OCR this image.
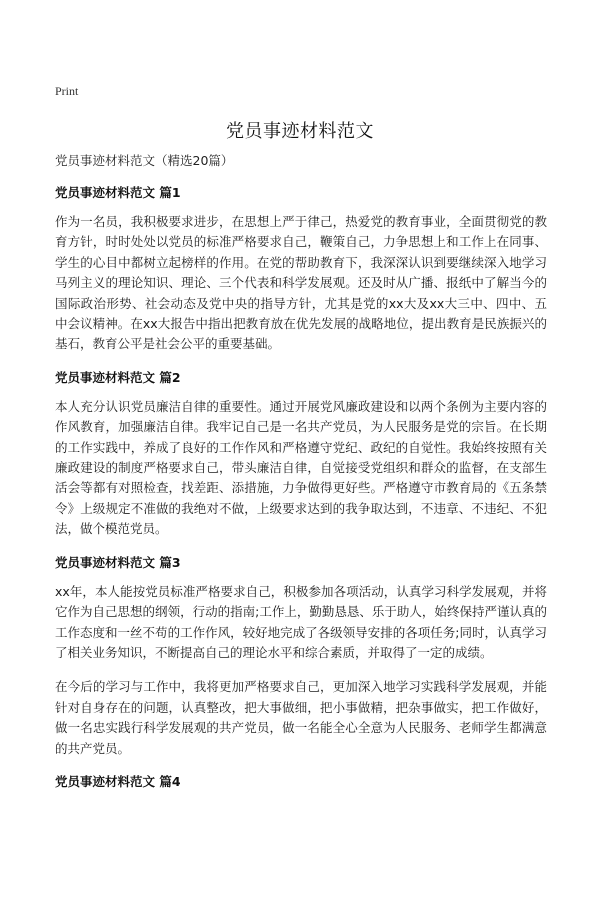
Print
党员事迹材料范文

党员事迹材料范文（精选20篇）

党员事迹材料范文 篇1

作为一名员，我积极要求进步，在思想上严于律己，热爱党的教育事业，全面贯彻党的教育方针，时时处处以党员的标准严格要求自己，鞭策自己，力争思想上和工作上在同事、学生的心目中都树立起榜样的作用。在党的帮助教育下，我深深认识到要继续深入地学习马列主义的理论知识、理论、三个代表和科学发展观。还及时从广播、报纸中了解当今的国际政治形势、社会动态及党中央的指导方针，尤其是党的xx大及xx大三中、四中、五中会议精神。在xx大报告中指出把教育放在优先发展的战略地位，提出教育是民族振兴的基石，教育公平是社会公平的重要基础。

党员事迹材料范文 篇2

本人充分认识党员廉洁自律的重要性。通过开展党风廉政建设和以两个条例为主要内容的作风教育，加强廉洁自律。我牢记自己是一名共产党员，为人民服务是党的宗旨。在长期的工作实践中，养成了良好的工作作风和严格遵守党纪、政纪的自觉性。我始终按照有关廉政建设的制度严格要求自己，带头廉洁自律，自觉接受党组织和群众的监督，在支部生活会等都有对照检查，找差距、添措施，力争做得更好些。严格遵守市教育局的《五条禁令》上级规定不准做的我绝对不做，上级要求达到的我争取达到，不违章、不违纪、不犯法，做个模范党员。

党员事迹材料范文 篇3

xx年，本人能按党员标准严格要求自己，积极参加各项活动，认真学习科学发展观，并将它作为自己思想的纲领，行动的指南;工作上，勤勤恳恳、乐于助人，始终保持严谨认真的工作态度和一丝不苟的工作作风，较好地完成了各级领导安排的各项任务;同时，认真学习了相关业务知识，不断提高自己的理论水平和综合素质，并取得了一定的成绩。

在今后的学习与工作中，我将更加严格要求自己，更加深入地学习实践科学发展观，并能针对自身存在的问题，认真整改，把大事做细，把小事做精，把杂事做实，把工作做好，做一名忠实践行科学发展观的共产党员，做一名能全心全意为人民服务、老师学生都满意的共产党员。

党员事迹材料范文 篇4
